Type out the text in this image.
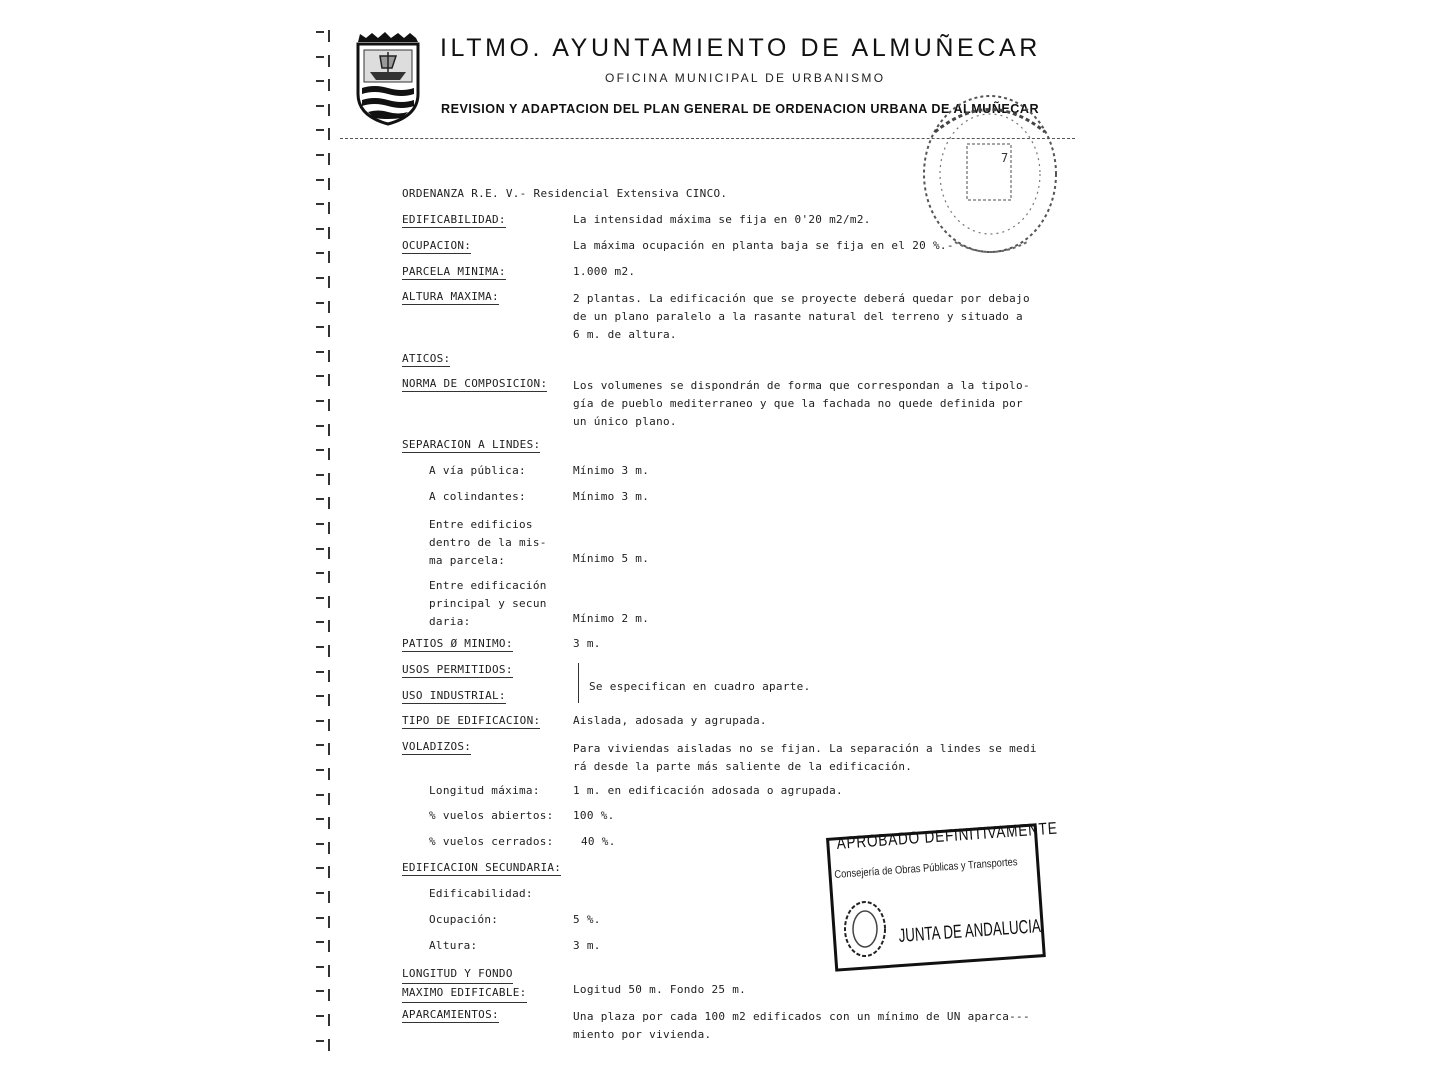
ILTMO. AYUNTAMIENTO DE ALMUÑECAR
OFICINA MUNICIPAL DE URBANISMO
REVISION Y ADAPTACION DEL PLAN GENERAL DE ORDENACION URBANA DE ALMUÑECAR
7
ORDENANZA R.E. V.- Residencial Extensiva CINCO.
EDIFICABILIDAD:	La intensidad máxima se fija en 0'20 m2/m2.
OCUPACION:	La máxima ocupación en planta baja se fija en el 20 %.-
PARCELA MINIMA:	1.000 m2.
ALTURA MAXIMA:	2 plantas. La edificación que se proyecte deberá quedar por debajo
de un plano paralelo a la rasante natural del terreno y situado a
6 m. de altura.
ATICOS:
NORMA DE COMPOSICION: Los volumenes se dispondrán de forma que correspondan a la tipolo-
gía de pueblo mediterraneo y que la fachada no quede definida por
un único plano.
SEPARACION A LINDES:
A vía pública:	Mínimo 3 m.
A colindantes:	Mínimo 3 m.
Entre edificios
dentro de la mis-
ma parcela:	Mínimo 5 m.
Entre edificación
principal y secun
daria:	Mínimo 2 m.
PATIOS Ø MINIMO:	3 m.
USOS PERMITIDOS:
USO INDUSTRIAL:
Se especifican en cuadro aparte.
TIPO DE EDIFICACION:	Aislada, adosada y agrupada.
VOLADIZOS:	Para viviendas aisladas no se fijan. La separación a lindes se medi
rá desde la parte más saliente de la edificación.
Longitud máxima:	1 m. en edificación adosada o agrupada.
% vuelos abiertos: 100 %.
% vuelos cerrados: 40 %.
EDIFICACION SECUNDARIA:
Edificabilidad:
Ocupación:	5 %.
Altura:	3 m.
LONGITUD Y FONDO
MAXIMO EDIFICABLE:	Logitud 50 m. Fondo 25 m.
APARCAMIENTOS:	Una plaza por cada 100 m2 edificados con un mínimo de UN aparca---
miento por vivienda.
APROBADO DEFINITIVAMENTE
Consejería de Obras Públicas y Transportes
JUNTA DE ANDALUCIA
